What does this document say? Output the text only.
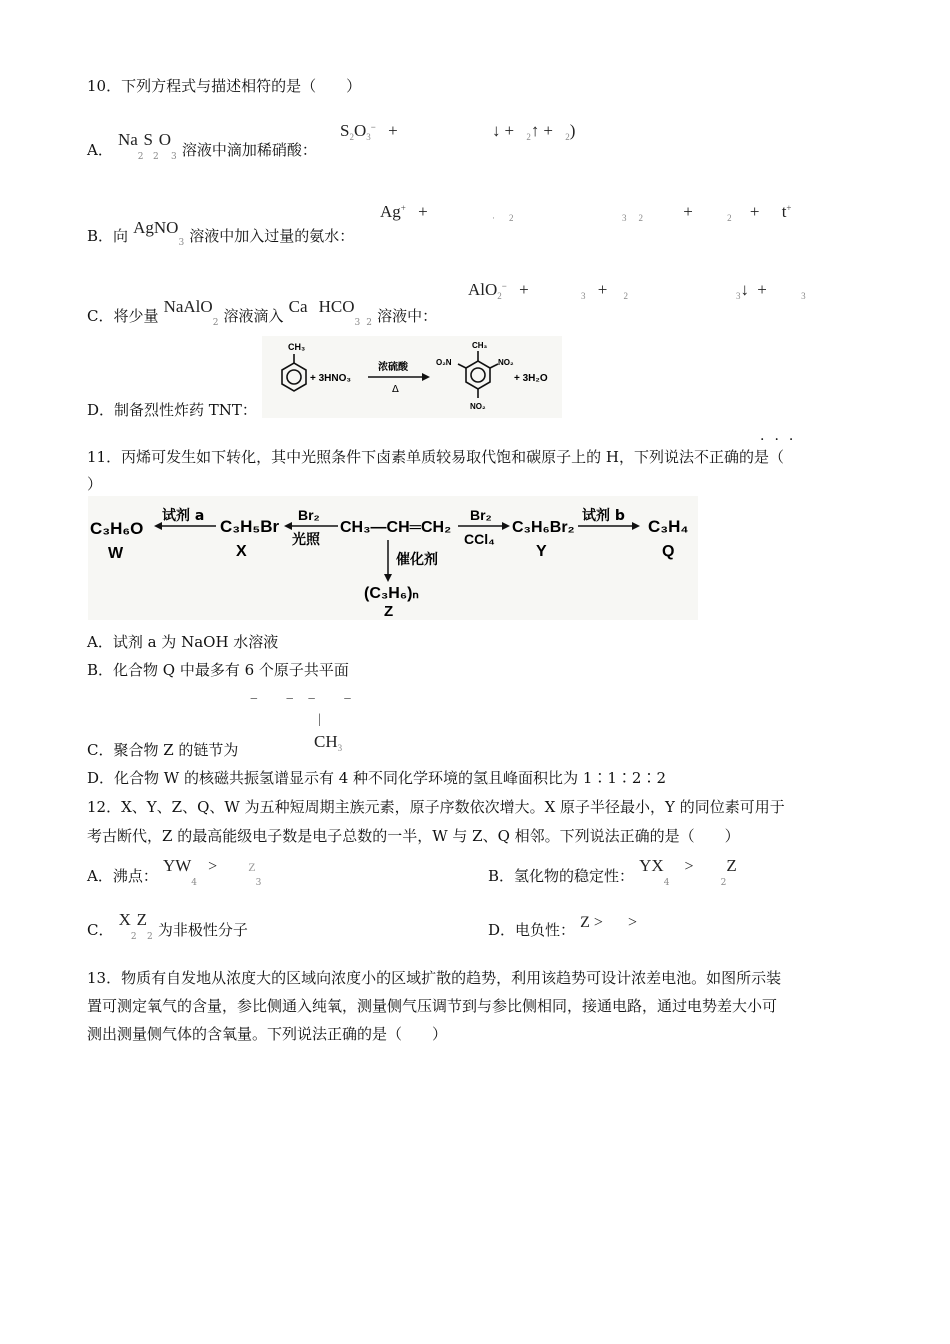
10．下列方程式与描述相符的是（　　）
$S_2O_3^-$ +	↓ + $_2$↑ + $_2$)
A． $Na_2S_2O_3$ 溶液中滴加稀硝酸：
Ag+ +	$_\cdot$ $_2$	$_3$ $_2$ +	$_2$ + t+
B．向 AgNO$_3$ 溶液中加入过量的氨水：
AlO$_2$− +	$_3$ + $_2$	$_3$↓ +	$_3$
C．将少量 NaAlO$_2$ 溶液滴入 Ca $HCO_3$ $_2$ 溶液中：
CH₃
+ 3HNO₃
浓硫酸
Δ
CH₃
O₂N	NO₂
NO₂
+ 3H₂O
D．制备烈性炸药 TNT：
···
11．丙烯可发生如下转化，其中光照条件下卤素单质较易取代饱和碳原子上的 H，下列说法不正确的是（
）
C₃H₆O
W
试剂 a
C₃H₅Br
X
Br₂
光照
CH₃—CH═CH₂
Br₂
CCl₄
C₃H₆Br₂
Y
试剂 b
C₃H₄
Q
催化剂
(C₃H₆)ₙ
Z
A．试剂 a 为 NaOH 水溶液
B．化合物 Q 中最多有 6 个原子共平面
−　　−　−　　−
|
$CH_3$
C．聚合物 Z 的链节为
D．化合物 W 的核磁共振氢谱显示有 4 种不同化学环境的氢且峰面积比为 1∶1∶2∶2
12．X、Y、Z、Q、W 为五种短周期主族元素，原子序数依次增大。X 原子半径最小，Y 的同位素可用于
考古断代，Z 的最高能级电子数是电子总数的一半，W 与 Z、Q 相邻。下列说法正确的是（　　）
A．沸点： $YW_4$ >	$^Z_3$	B．氢化物的稳定性： $YX_4 > _2Z$
C． $X_2Z_2$ 为非极性分子	D．电负性： Z > >
13．物质有自发地从浓度大的区域向浓度小的区域扩散的趋势，利用该趋势可设计浓差电池。如图所示装
置可测定氧气的含量，参比侧通入纯氧，测量侧气压调节到与参比侧相同，接通电路，通过电势差大小可
测出测量侧气体的含氧量。下列说法正确的是（　　）
